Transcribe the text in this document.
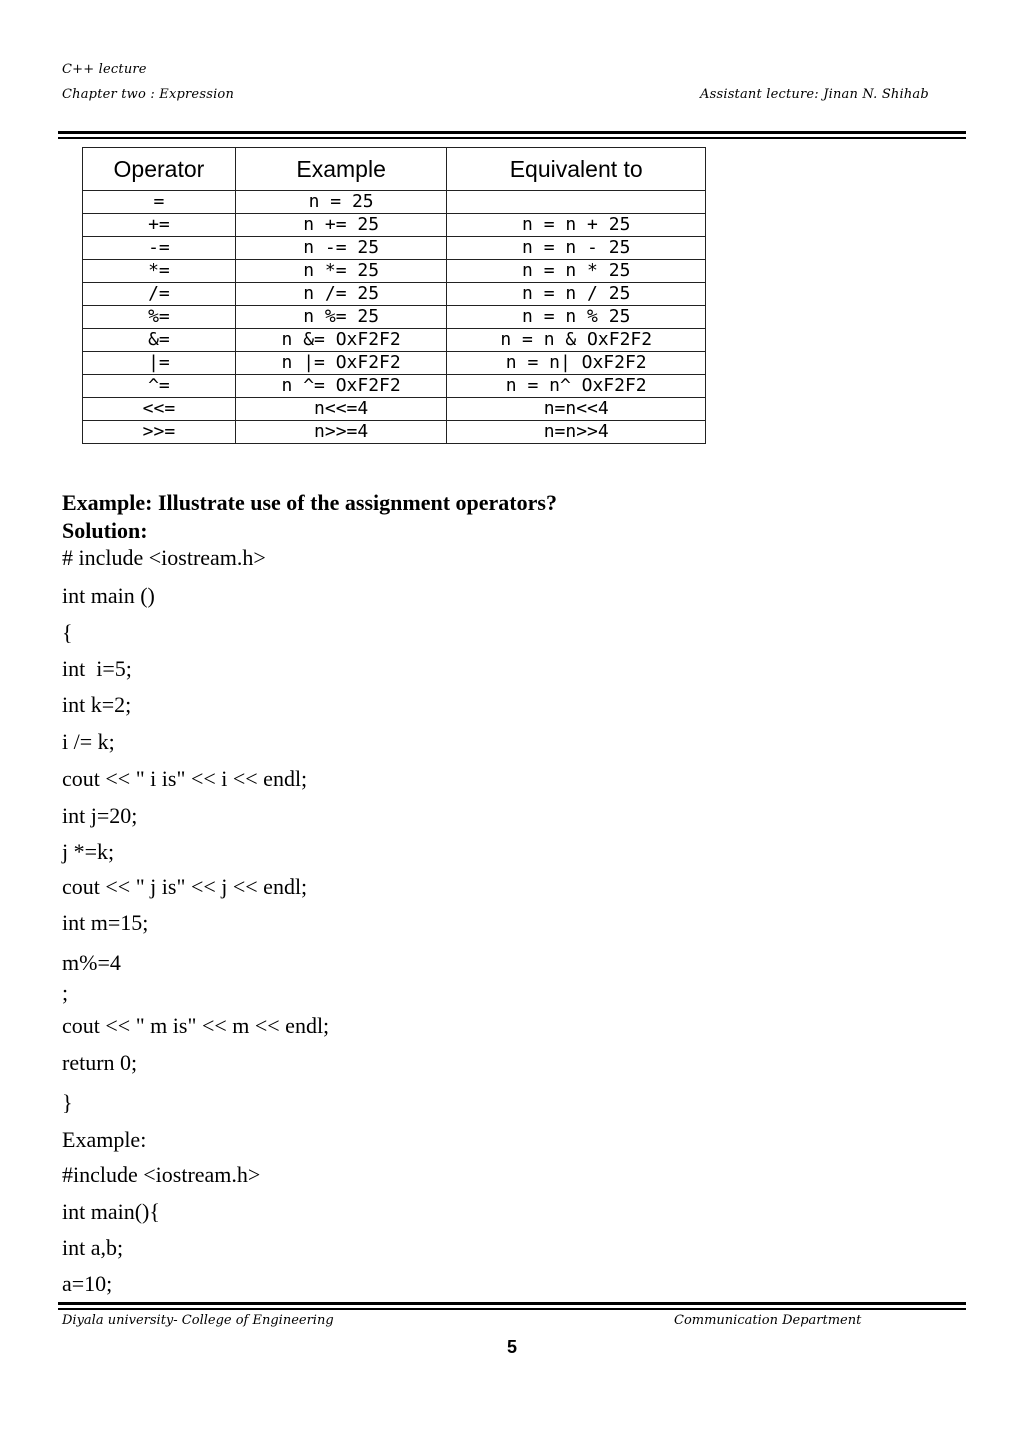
C++ lecture
Chapter two : Expression	Assistant lecture: Jinan N. Shihab
Operator	Example	Equivalent to
=	n = 25	
+=	n += 25	n = n + 25
-=	n -= 25	n = n - 25
*=	n *= 25	n = n * 25
/=	n /= 25	n = n / 25
%=	n %= 25	n = n % 25
&=	n &= OxF2F2	n = n & OxF2F2
|=	n |= OxF2F2	n = n| OxF2F2
^=	n ^= OxF2F2	n = n^ OxF2F2
<<=	n<<=4	n=n<<4
>>=	n>>=4	n=n>>4
Example: Illustrate use of the assignment operators?
Solution:
# include <iostream.h>
int main ()
{
int  i=5;
int k=2;
i /= k;
cout << " i is" << i << endl;
int j=20;
j *=k;
cout << " j is" << j << endl;
int m=15;
m%=4
;
cout << " m is" << m << endl;
return 0;
}
Example:
#include <iostream.h>
int main(){
int a,b;
a=10;
Diyala university- College of Engineering	Communication Department
5
